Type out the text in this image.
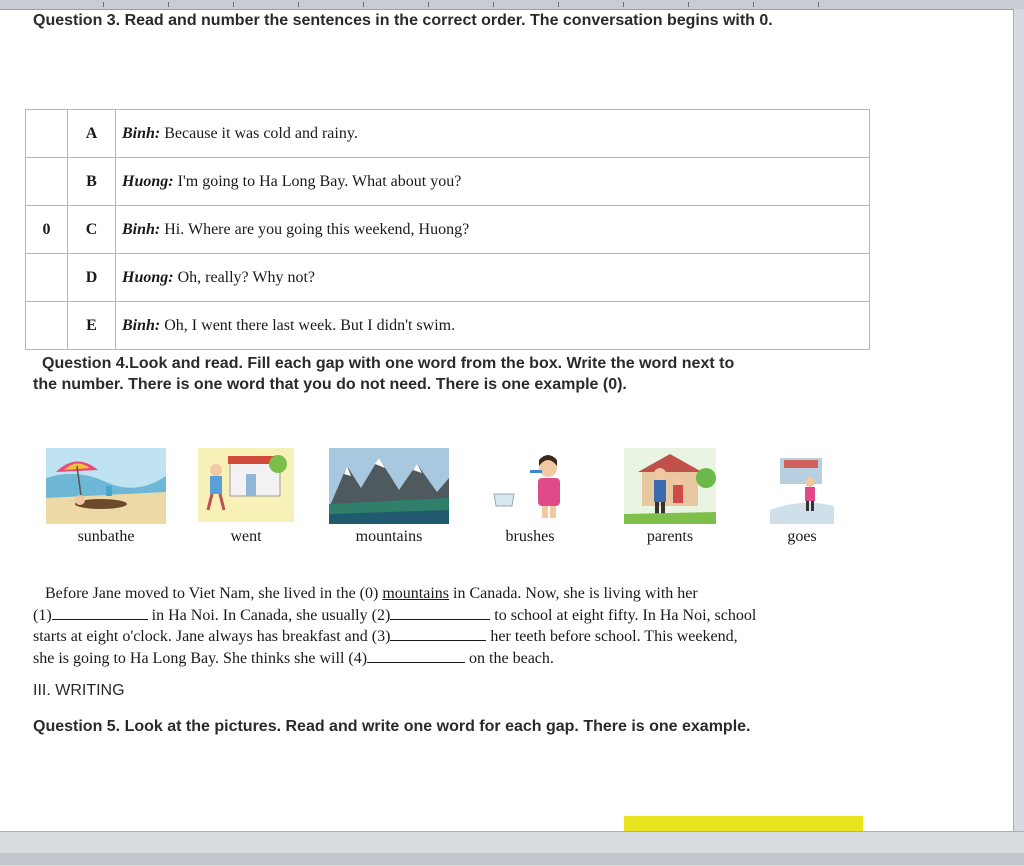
Question 3. Read and number the sentences in the correct order. The conversation begins with 0.
	A	Binh: Because it was cold and rainy.
	B	Huong: I'm going to Ha Long Bay. What about you?
0	C	Binh: Hi. Where are you going this weekend, Huong?
	D	Huong: Oh, really? Why not?
	E	Binh: Oh, I went there last week. But I didn't swim.
Question 4.Look and read. Fill each gap with one word from the box. Write the word next to
the number. There is one word that you do not need. There is one example (0).
sunbathe	went	mountains	brushes	parents	goes
Before Jane moved to Viet Nam, she lived in the (0) mountains in Canada. Now, she is living with her
(1)	in Ha Noi. In Canada, she usually (2)	to school at eight fifty. In Ha Noi, school
starts at eight o'clock. Jane always has breakfast and (3)	her teeth before school. This weekend,
she is going to Ha Long Bay. She thinks she will (4)	on the beach.
III. WRITING
Question 5. Look at the pictures. Read and write one word for each gap. There is one example.
